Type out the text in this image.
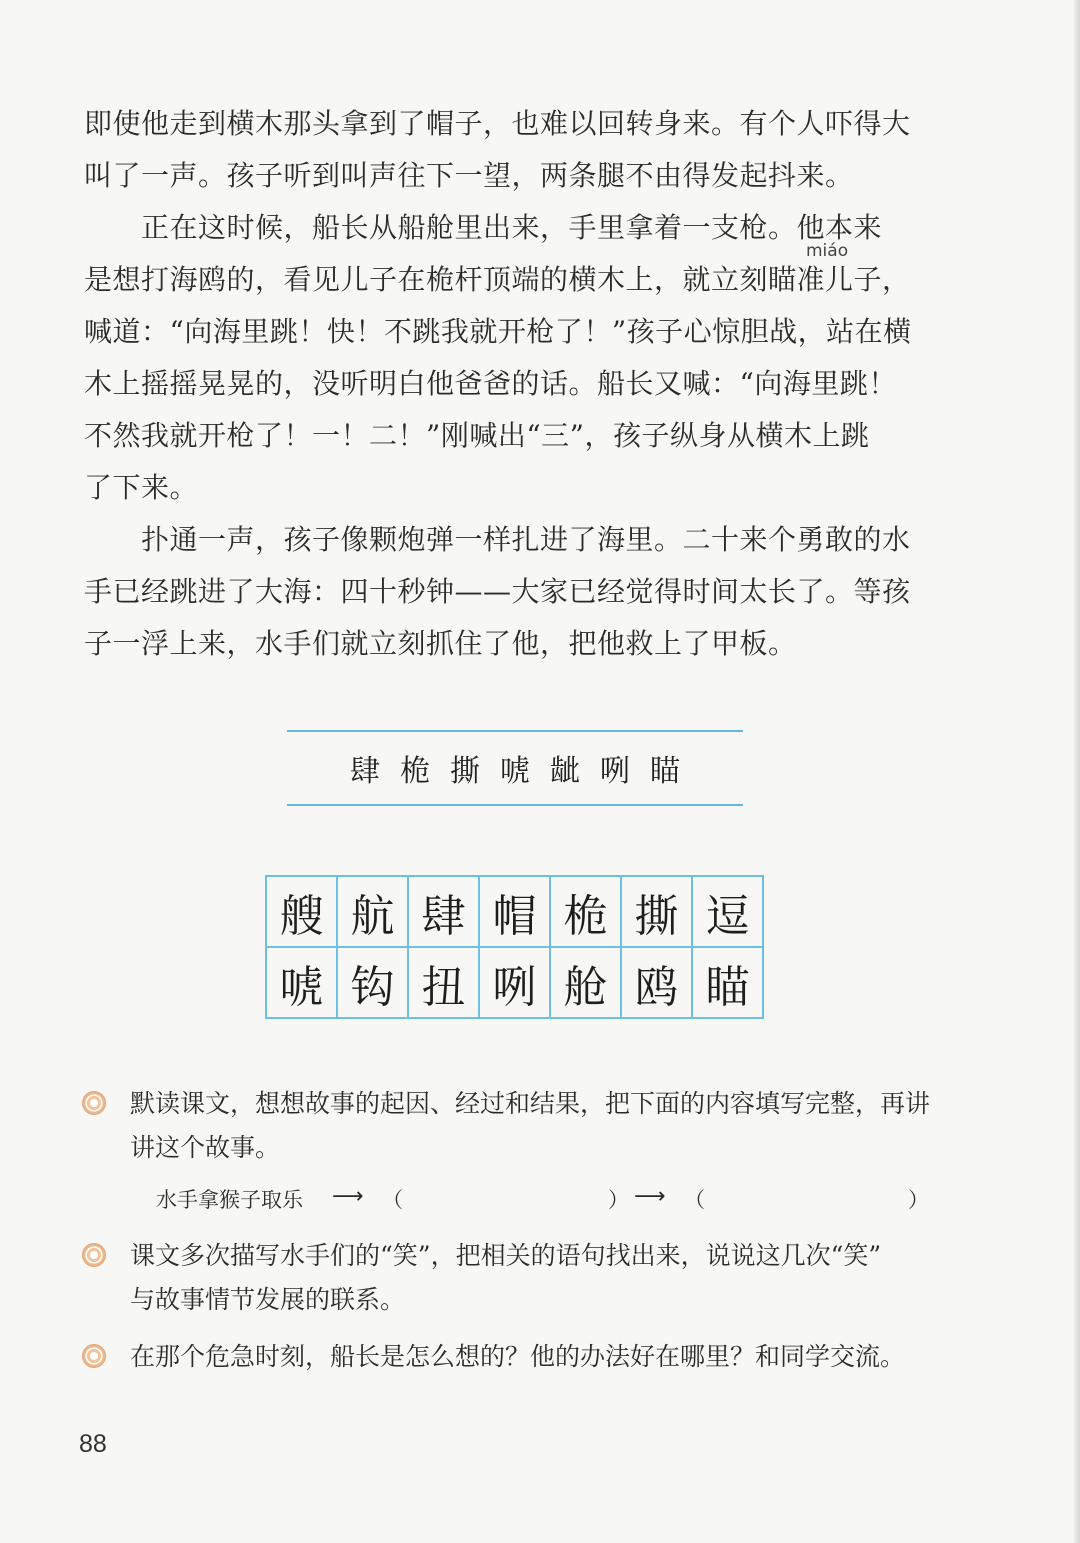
即使他走到横木那头拿到了帽子，也难以回转身来。有个人吓得大
叫了一声。孩子听到叫声往下一望，两条腿不由得发起抖来。
miáo
　　正在这时候，船长从船舱里出来，手里拿着一支枪。他本来
是想打海鸥的，看见儿子在桅杆顶端的横木上，就立刻瞄准儿子，
喊道：“向海里跳！快！不跳我就开枪了！”孩子心惊胆战，站在横
木上摇摇晃晃的，没听明白他爸爸的话。船长又喊：“向海里跳！
不然我就开枪了！一！二！”刚喊出“三”，孩子纵身从横木上跳
了下来。
　　扑通一声，孩子像颗炮弹一样扎进了海里。二十来个勇敢的水
手已经跳进了大海：四十秒钟——大家已经觉得时间太长了。等孩
子一浮上来，水手们就立刻抓住了他，把他救上了甲板。
肆 桅 撕 唬 龇 咧 瞄
艘	航	肆	帽	桅	撕	逗
唬	钩	扭	咧	舱	鸥	瞄
默读课文，想想故事的起因、经过和结果，把下面的内容填写完整，再讲
讲这个故事。
水手拿猴子取乐 ⟶ （	） ⟶ （	）
课文多次描写水手们的“笑”，把相关的语句找出来，说说这几次“笑”
与故事情节发展的联系。
在那个危急时刻，船长是怎么想的？他的办法好在哪里？和同学交流。
88
